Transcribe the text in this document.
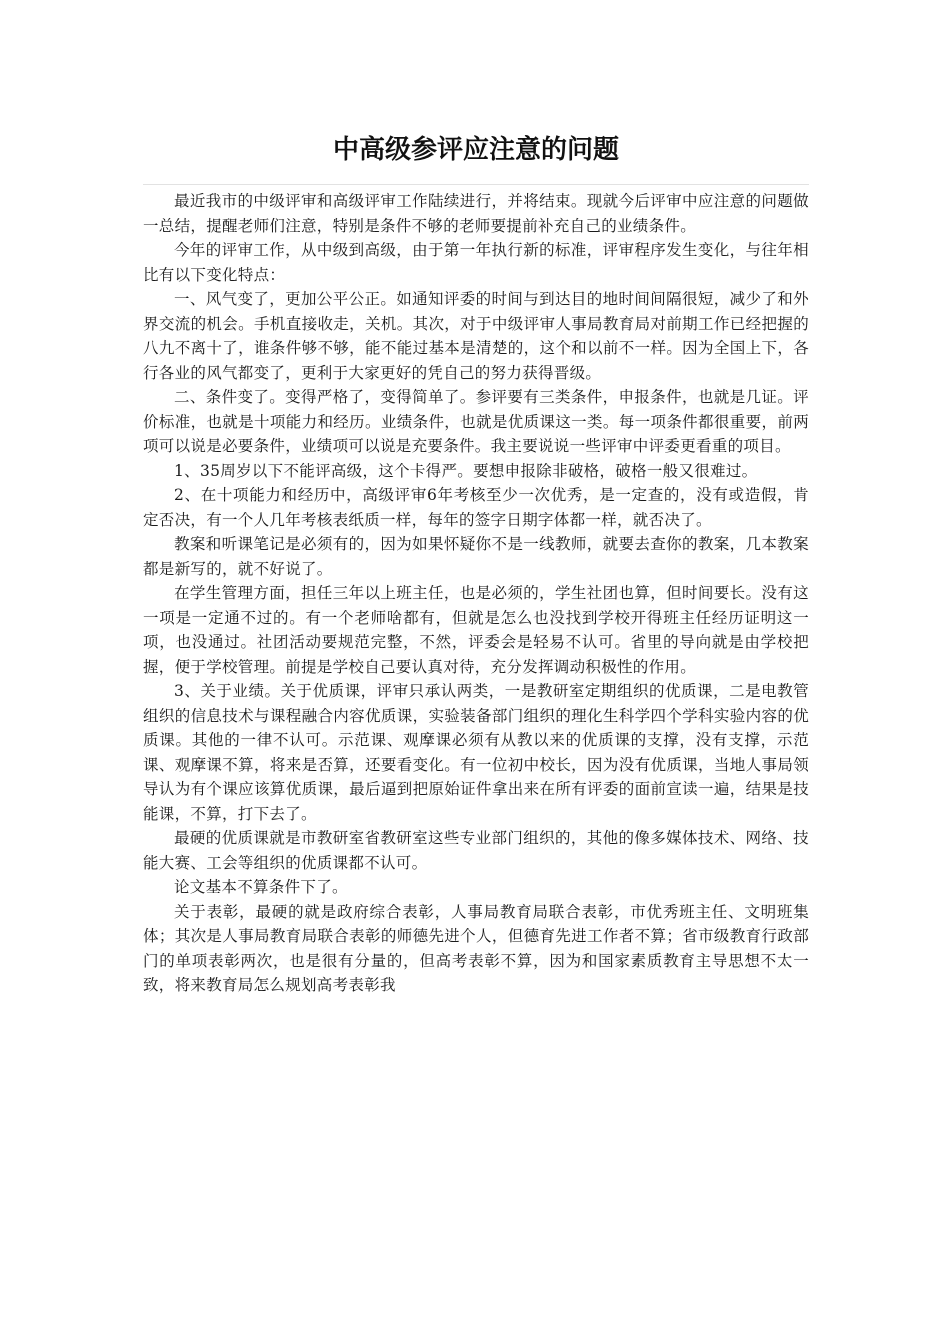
中高级参评应注意的问题

最近我市的中级评审和高级评审工作陆续进行，并将结束。现就今后评审中应注意的问题做一总结，提醒老师们注意，特别是条件不够的老师要提前补充自己的业绩条件。

今年的评审工作，从中级到高级，由于第一年执行新的标准，评审程序发生变化，与往年相比有以下变化特点：

一、风气变了，更加公平公正。如通知评委的时间与到达目的地时间间隔很短，减少了和外界交流的机会。手机直接收走，关机。其次，对于中级评审人事局教育局对前期工作已经把握的八九不离十了，谁条件够不够，能不能过基本是清楚的，这个和以前不一样。因为全国上下，各行各业的风气都变了，更利于大家更好的凭自己的努力获得晋级。

二、条件变了。变得严格了，变得简单了。参评要有三类条件，申报条件，也就是几证。评价标准，也就是十项能力和经历。业绩条件，也就是优质课这一类。每一项条件都很重要，前两项可以说是必要条件，业绩项可以说是充要条件。我主要说说一些评审中评委更看重的项目。

1、35周岁以下不能评高级，这个卡得严。要想申报除非破格，破格一般又很难过。

2、在十项能力和经历中，高级评审6年考核至少一次优秀，是一定查的，没有或造假，肯定否决，有一个人几年考核表纸质一样，每年的签字日期字体都一样，就否决了。

教案和听课笔记是必须有的，因为如果怀疑你不是一线教师，就要去查你的教案，几本教案都是新写的，就不好说了。

在学生管理方面，担任三年以上班主任，也是必须的，学生社团也算，但时间要长。没有这一项是一定通不过的。有一个老师啥都有，但就是怎么也没找到学校开得班主任经历证明这一项，也没通过。社团活动要规范完整，不然，评委会是轻易不认可。省里的导向就是由学校把握，便于学校管理。前提是学校自己要认真对待，充分发挥调动积极性的作用。

3、关于业绩。关于优质课，评审只承认两类，一是教研室定期组织的优质课，二是电教管组织的信息技术与课程融合内容优质课，实验装备部门组织的理化生科学四个学科实验内容的优质课。其他的一律不认可。示范课、观摩课必须有从教以来的优质课的支撑，没有支撑，示范课、观摩课不算，将来是否算，还要看变化。有一位初中校长，因为没有优质课，当地人事局领导认为有个课应该算优质课，最后逼到把原始证件拿出来在所有评委的面前宣读一遍，结果是技能课，不算，打下去了。

最硬的优质课就是市教研室省教研室这些专业部门组织的，其他的像多媒体技术、网络、技能大赛、工会等组织的优质课都不认可。

论文基本不算条件下了。

关于表彰，最硬的就是政府综合表彰，人事局教育局联合表彰，市优秀班主任、文明班集体；其次是人事局教育局联合表彰的师德先进个人，但德育先进工作者不算；省市级教育行政部门的单项表彰两次，也是很有分量的，但高考表彰不算，因为和国家素质教育主导思想不太一致，将来教育局怎么规划高考表彰我
